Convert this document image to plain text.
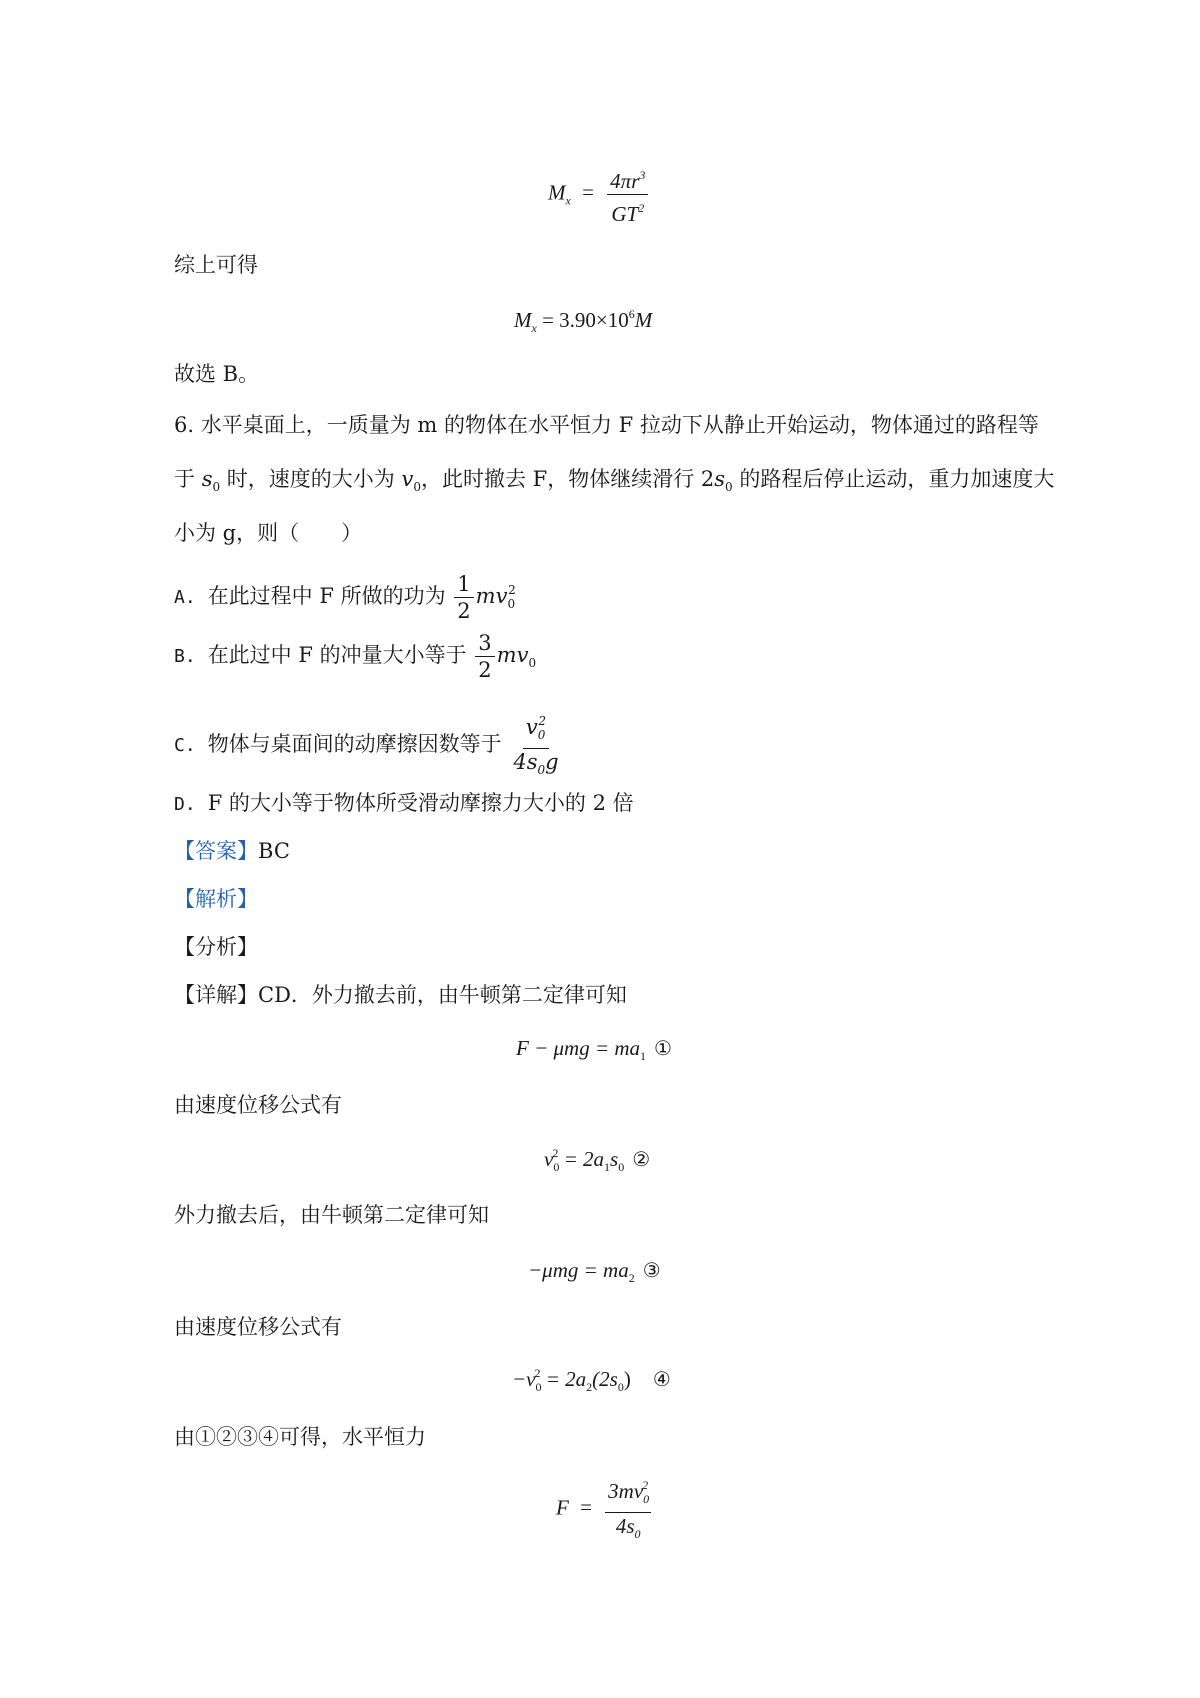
$M_x = \frac{4\pi r^3}{GT^2}$
综上可得
$M_x = 3.90\times 10^6M$
故选 B。
6. 水平桌面上，一质量为 m 的物体在水平恒力 F 拉动下从静止开始运动，物体通过的路程等
于 $s_0$ 时，速度的大小为 $v_0$，此时撤去 F，物体继续滑行 $2s_0$ 的路程后停止运动，重力加速度大
小为 g，则（　　）
A. 在此过程中 F 所做的功为 $\frac{1}{2} mv_0^2$
B. 在此过中 F 的冲量大小等于 $\frac{3}{2} mv_0$
C. 物体与桌面间的动摩擦因数等于 $\frac{v_0^2}{4s_0g}$
D. F 的大小等于物体所受滑动摩擦力大小的 2 倍
【答案】BC
【解析】
【分析】
【详解】CD．外力撤去前，由牛顿第二定律可知
$F - \mu mg = ma_1$ ①
由速度位移公式有
$v_0^2 = 2a_1s_0$ ②
外力撤去后，由牛顿第二定律可知
$-\mu mg = ma_2$ ③
由速度位移公式有
$-v_0^2 = 2a_2(2s_0)$ ④
由①②③④可得，水平恒力
$F = \frac{3mv_0^2}{4s_0}$
